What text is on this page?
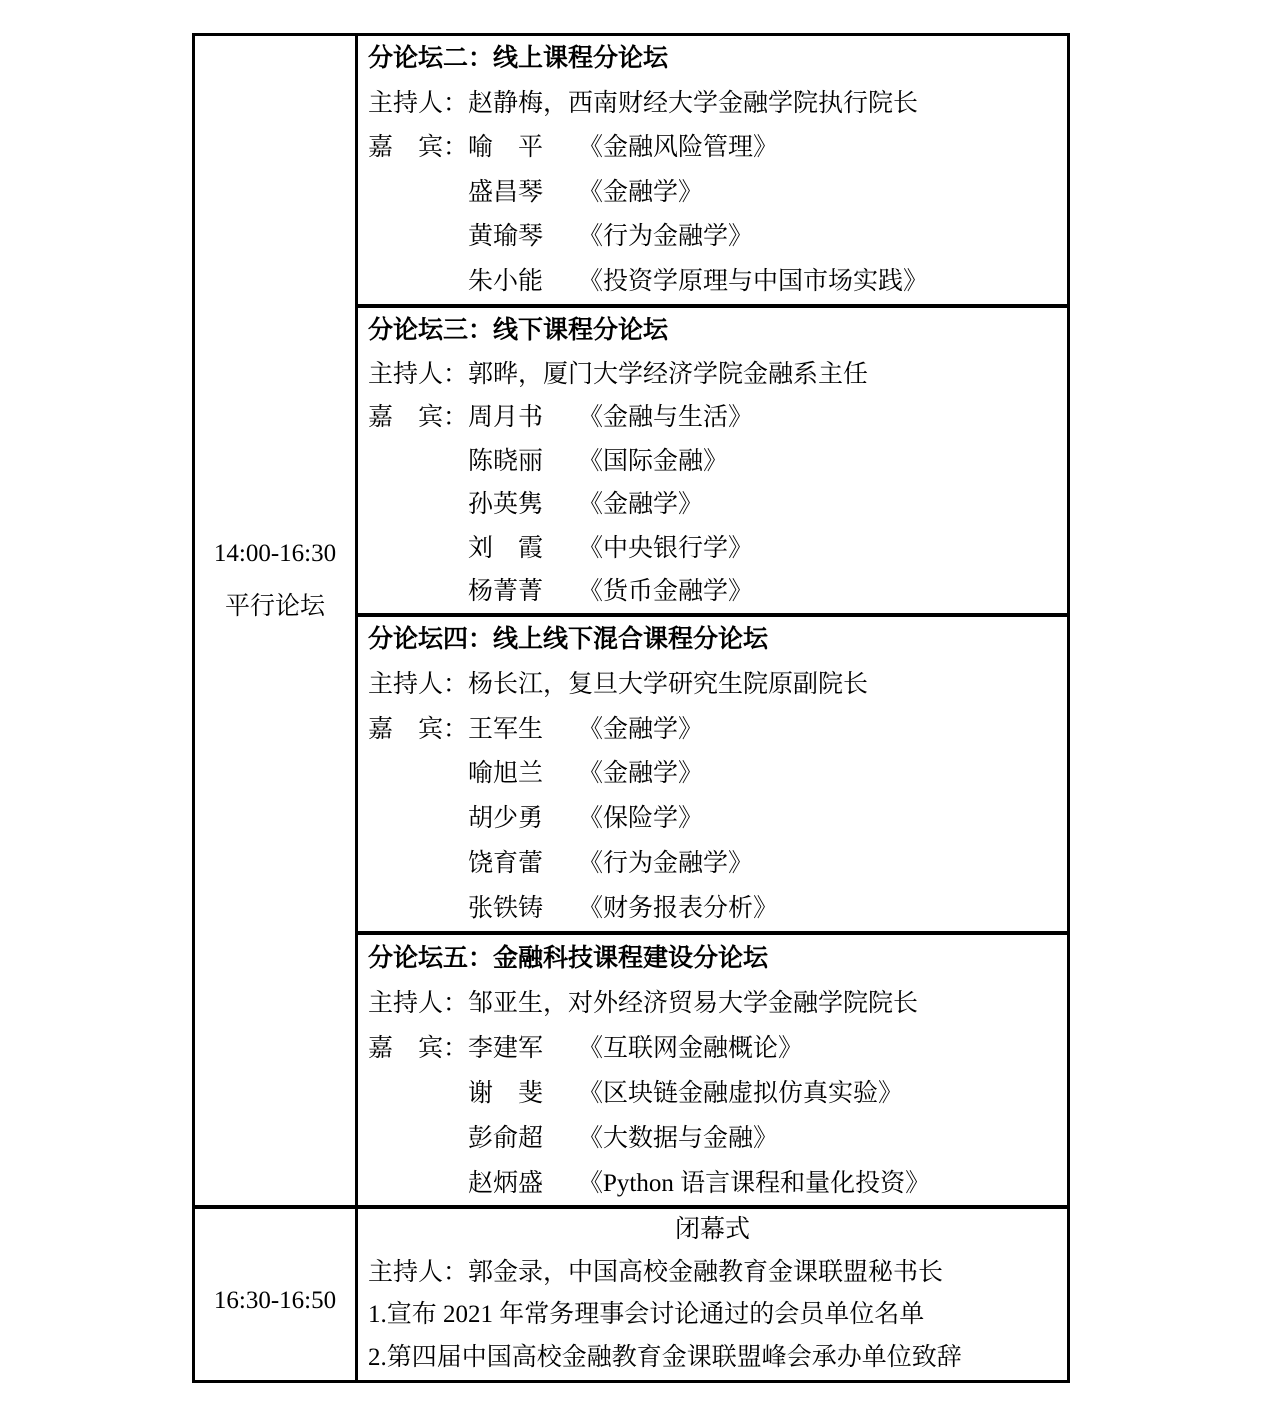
14:00-16:30
平行论坛
分论坛二：线上课程分论坛
主持人：赵静梅，西南财经大学金融学院执行院长
嘉　宾：喻　平 《金融风险管理》
盛昌琴 《金融学》
黄瑜琴 《行为金融学》
朱小能 《投资学原理与中国市场实践》
分论坛三：线下课程分论坛
主持人：郭晔，厦门大学经济学院金融系主任
嘉　宾：周月书 《金融与生活》
陈晓丽 《国际金融》
孙英隽 《金融学》
刘　霞 《中央银行学》
杨菁菁 《货币金融学》
分论坛四：线上线下混合课程分论坛
主持人：杨长江，复旦大学研究生院原副院长
嘉　宾：王军生 《金融学》
喻旭兰 《金融学》
胡少勇 《保险学》
饶育蕾 《行为金融学》
张铁铸 《财务报表分析》
分论坛五：金融科技课程建设分论坛
主持人：邹亚生，对外经济贸易大学金融学院院长
嘉　宾：李建军 《互联网金融概论》
谢　斐 《区块链金融虚拟仿真实验》
彭俞超 《大数据与金融》
赵炳盛 《Python 语言课程和量化投资》
16:30-16:50
闭幕式
主持人：郭金录，中国高校金融教育金课联盟秘书长
1.宣布 2021 年常务理事会讨论通过的会员单位名单
2.第四届中国高校金融教育金课联盟峰会承办单位致辞
